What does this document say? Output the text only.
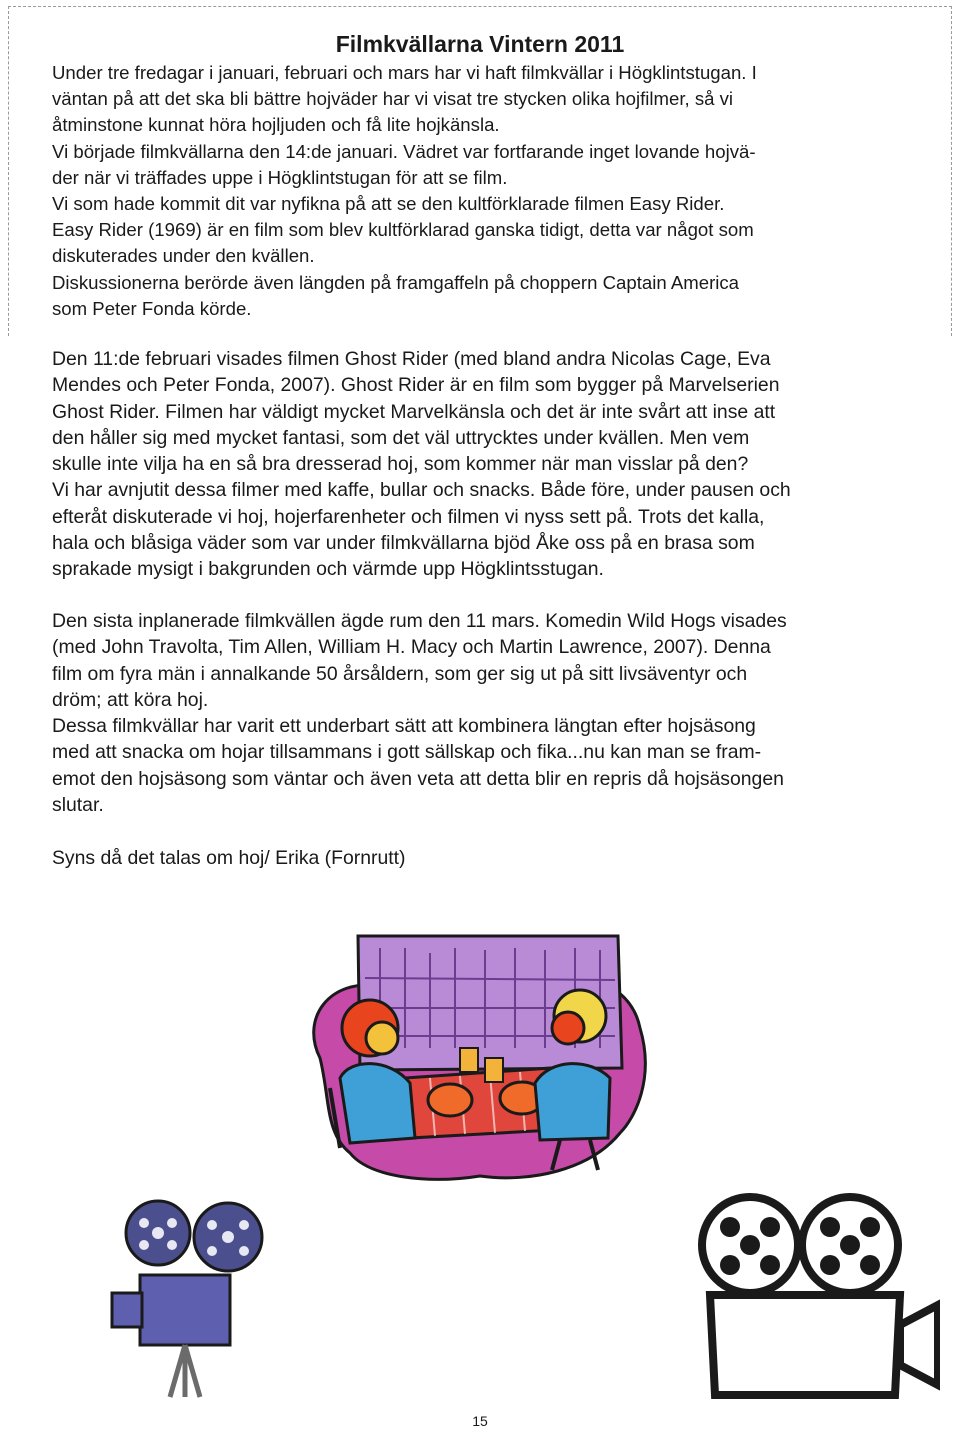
Filmkvällarna Vintern 2011

Under tre fredagar i januari, februari och mars har vi haft filmkvällar i Högklintstugan. I

väntan på att det ska bli bättre hojväder har vi visat tre stycken olika hojfilmer, så vi

åtminstone kunnat höra hojljuden och få lite hojkänsla.

Vi började filmkvällarna den 14:de januari. Vädret var fortfarande inget lovande hojvä-

der när vi träffades uppe i Högklintstugan för att se film.

Vi som hade kommit dit var nyfikna på att se den kultförklarade filmen Easy Rider.

Easy Rider (1969) är en film som blev kultförklarad ganska tidigt, detta var något som

diskuterades under den kvällen.

Diskussionerna berörde även längden på framgaffeln på choppern Captain America

som Peter Fonda körde.

Den 11:de februari visades filmen Ghost Rider (med bland andra Nicolas Cage, Eva

Mendes och Peter Fonda, 2007). Ghost Rider är en film som bygger på Marvelserien

Ghost Rider. Filmen har väldigt mycket Marvelkänsla och det är inte svårt att inse att

den håller sig med mycket fantasi, som det väl uttrycktes under kvällen. Men vem

skulle inte vilja ha en så bra dresserad hoj, som kommer när man visslar på den?

Vi har avnjutit dessa filmer med kaffe, bullar och snacks. Både före, under pausen och

efteråt diskuterade vi hoj, hojerfarenheter och filmen vi nyss sett på. Trots det kalla,

hala och blåsiga väder som var under filmkvällarna bjöd Åke oss på en brasa som

sprakade mysigt i bakgrunden och värmde upp Högklintsstugan.

Den sista inplanerade filmkvällen ägde rum den 11 mars. Komedin Wild Hogs visades

(med John Travolta, Tim Allen, William H. Macy och Martin Lawrence, 2007). Denna

film om fyra män i annalkande 50 årsåldern, som ger sig ut på sitt livsäventyr och

dröm; att köra hoj.

Dessa filmkvällar har varit ett underbart sätt att kombinera längtan efter hojsäsong

med att snacka om hojar tillsammans i gott sällskap och fika...nu kan man se fram-

emot den hojsäsong som väntar och även veta att detta blir en repris då hojsäsongen

slutar.

Syns då det talas om hoj/ Erika (Fornrutt)
15
